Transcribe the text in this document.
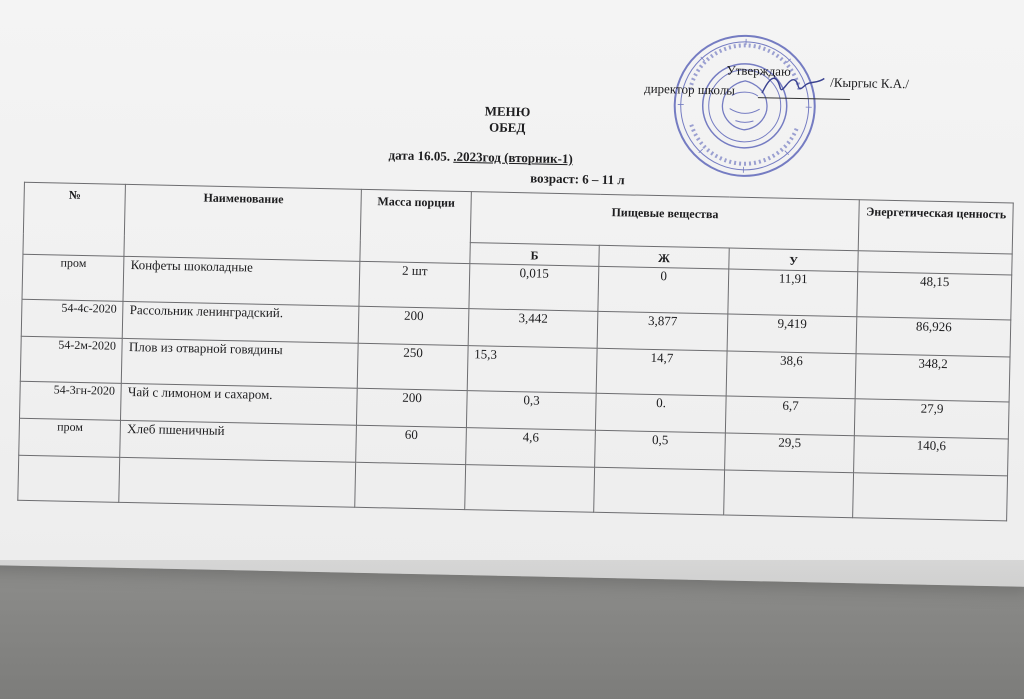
Утверждаю
директор школы	/Кыргыс К.А./
МЕНЮ
ОБЕД
дата 16.05. .2023год (вторник-1)
возраст: 6 – 11 л
№	Наименование	Масса порции	Пищевые вещества			Энергетическая ценность
			Б	Ж	У	
пром	Конфеты шоколадные	2 шт	0,015	0	11,91	48,15
54-4с-2020	Рассольник ленинградский.	200	3,442	3,877	9,419	86,926
54-2м-2020	Плов из отварной говядины	250	15,3	14,7	38,6	348,2
54-3гн-2020	Чай с лимоном и сахаром.	200	0,3	0.	6,7	27,9
пром	Хлеб пшеничный	60	4,6	0,5	29,5	140,6
